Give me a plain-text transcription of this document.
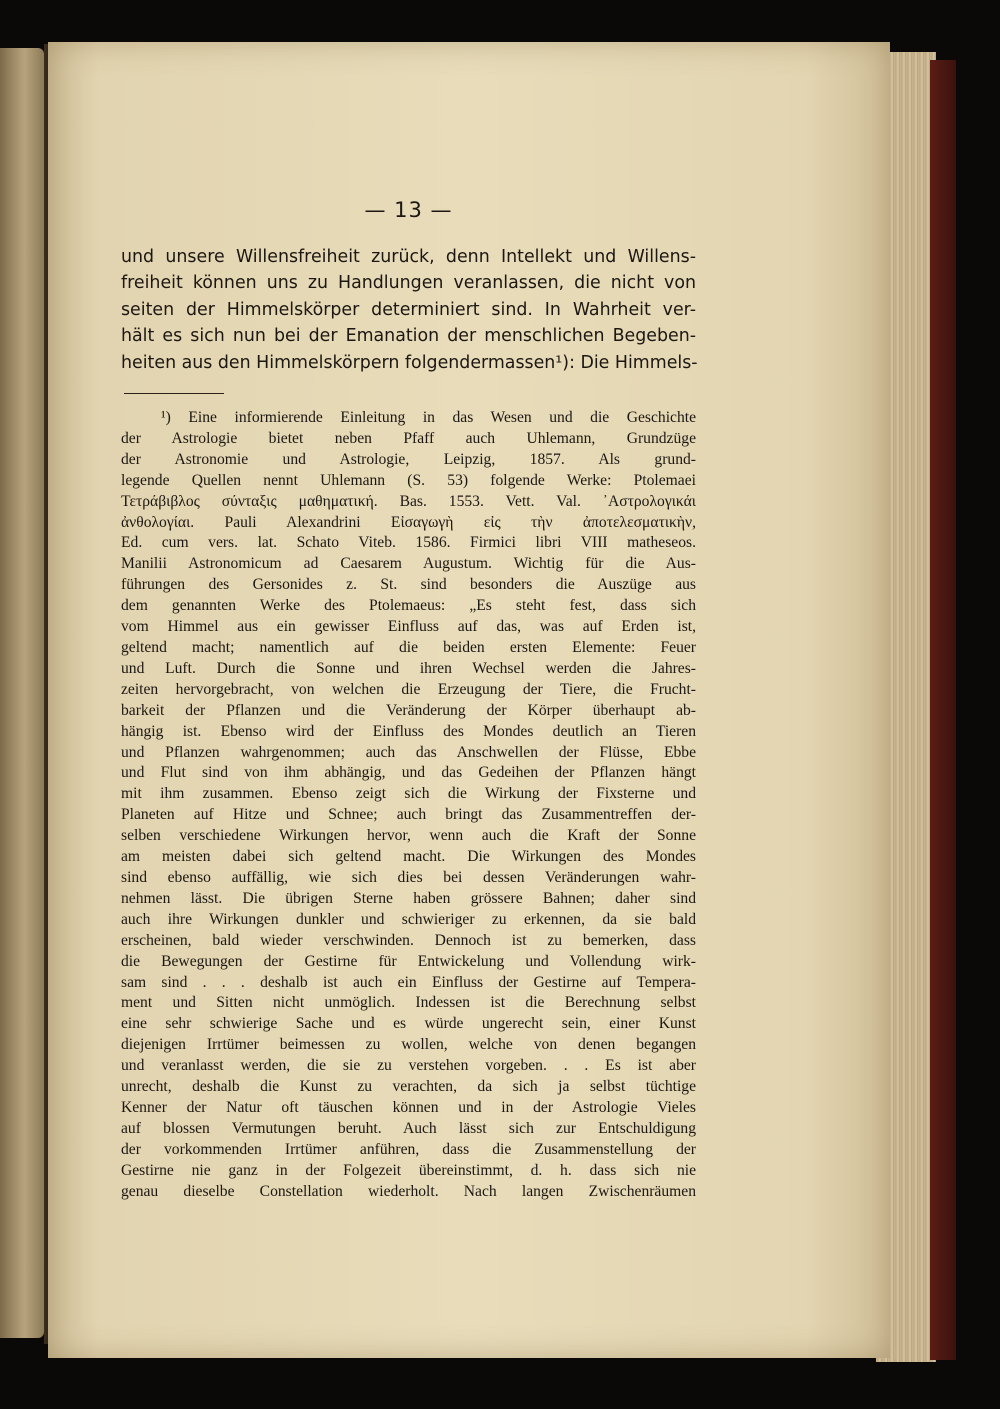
— 13 —
und unsere Willensfreiheit zurück, denn Intellekt und Willens-
freiheit können uns zu Handlungen veranlassen, die nicht von
seiten der Himmelskörper determiniert sind. In Wahrheit ver-
hält es sich nun bei der Emanation der menschlichen Begeben-
heiten aus den Himmelskörpern folgendermassen¹): Die Himmels-
¹) Eine informierende Einleitung in das Wesen und die Geschichte
der Astrologie bietet neben Pfaff auch Uhlemann, Grundzüge
der Astronomie und Astrologie, Leipzig, 1857. Als grund-
legende Quellen nennt Uhlemann (S. 53) folgende Werke: Ptolemaei
Τετράβιβλος σύνταξις μαθηματική. Bas. 1553. Vett. Val. ᾿Αστρολογικάι
ἀνθολογίαι. Pauli Alexandrini Εἰσαγωγὴ εἰς τὴν ἀποτελεσματικὴν,
Ed. cum vers. lat. Schato Viteb. 1586. Firmici libri VIII matheseos.
Manilii Astronomicum ad Caesarem Augustum. Wichtig für die Aus-
führungen des Gersonides z. St. sind besonders die Auszüge aus
dem genannten Werke des Ptolemaeus: „Es steht fest, dass sich
vom Himmel aus ein gewisser Einfluss auf das, was auf Erden ist,
geltend macht; namentlich auf die beiden ersten Elemente: Feuer
und Luft. Durch die Sonne und ihren Wechsel werden die Jahres-
zeiten hervorgebracht, von welchen die Erzeugung der Tiere, die Frucht-
barkeit der Pflanzen und die Veränderung der Körper überhaupt ab-
hängig ist. Ebenso wird der Einfluss des Mondes deutlich an Tieren
und Pflanzen wahrgenommen; auch das Anschwellen der Flüsse, Ebbe
und Flut sind von ihm abhängig, und das Gedeihen der Pflanzen hängt
mit ihm zusammen. Ebenso zeigt sich die Wirkung der Fixsterne und
Planeten auf Hitze und Schnee; auch bringt das Zusammentreffen der-
selben verschiedene Wirkungen hervor, wenn auch die Kraft der Sonne
am meisten dabei sich geltend macht. Die Wirkungen des Mondes
sind ebenso auffällig, wie sich dies bei dessen Veränderungen wahr-
nehmen lässt. Die übrigen Sterne haben grössere Bahnen; daher sind
auch ihre Wirkungen dunkler und schwieriger zu erkennen, da sie bald
erscheinen, bald wieder verschwinden. Dennoch ist zu bemerken, dass
die Bewegungen der Gestirne für Entwickelung und Vollendung wirk-
sam sind . . . deshalb ist auch ein Einfluss der Gestirne auf Tempera-
ment und Sitten nicht unmöglich. Indessen ist die Berechnung selbst
eine sehr schwierige Sache und es würde ungerecht sein, einer Kunst
diejenigen Irrtümer beimessen zu wollen, welche von denen begangen
und veranlasst werden, die sie zu verstehen vorgeben. . . Es ist aber
unrecht, deshalb die Kunst zu verachten, da sich ja selbst tüchtige
Kenner der Natur oft täuschen können und in der Astrologie Vieles
auf blossen Vermutungen beruht. Auch lässt sich zur Entschuldigung
der vorkommenden Irrtümer anführen, dass die Zusammenstellung der
Gestirne nie ganz in der Folgezeit übereinstimmt, d. h. dass sich nie
genau dieselbe Constellation wiederholt. Nach langen Zwischenräumen
